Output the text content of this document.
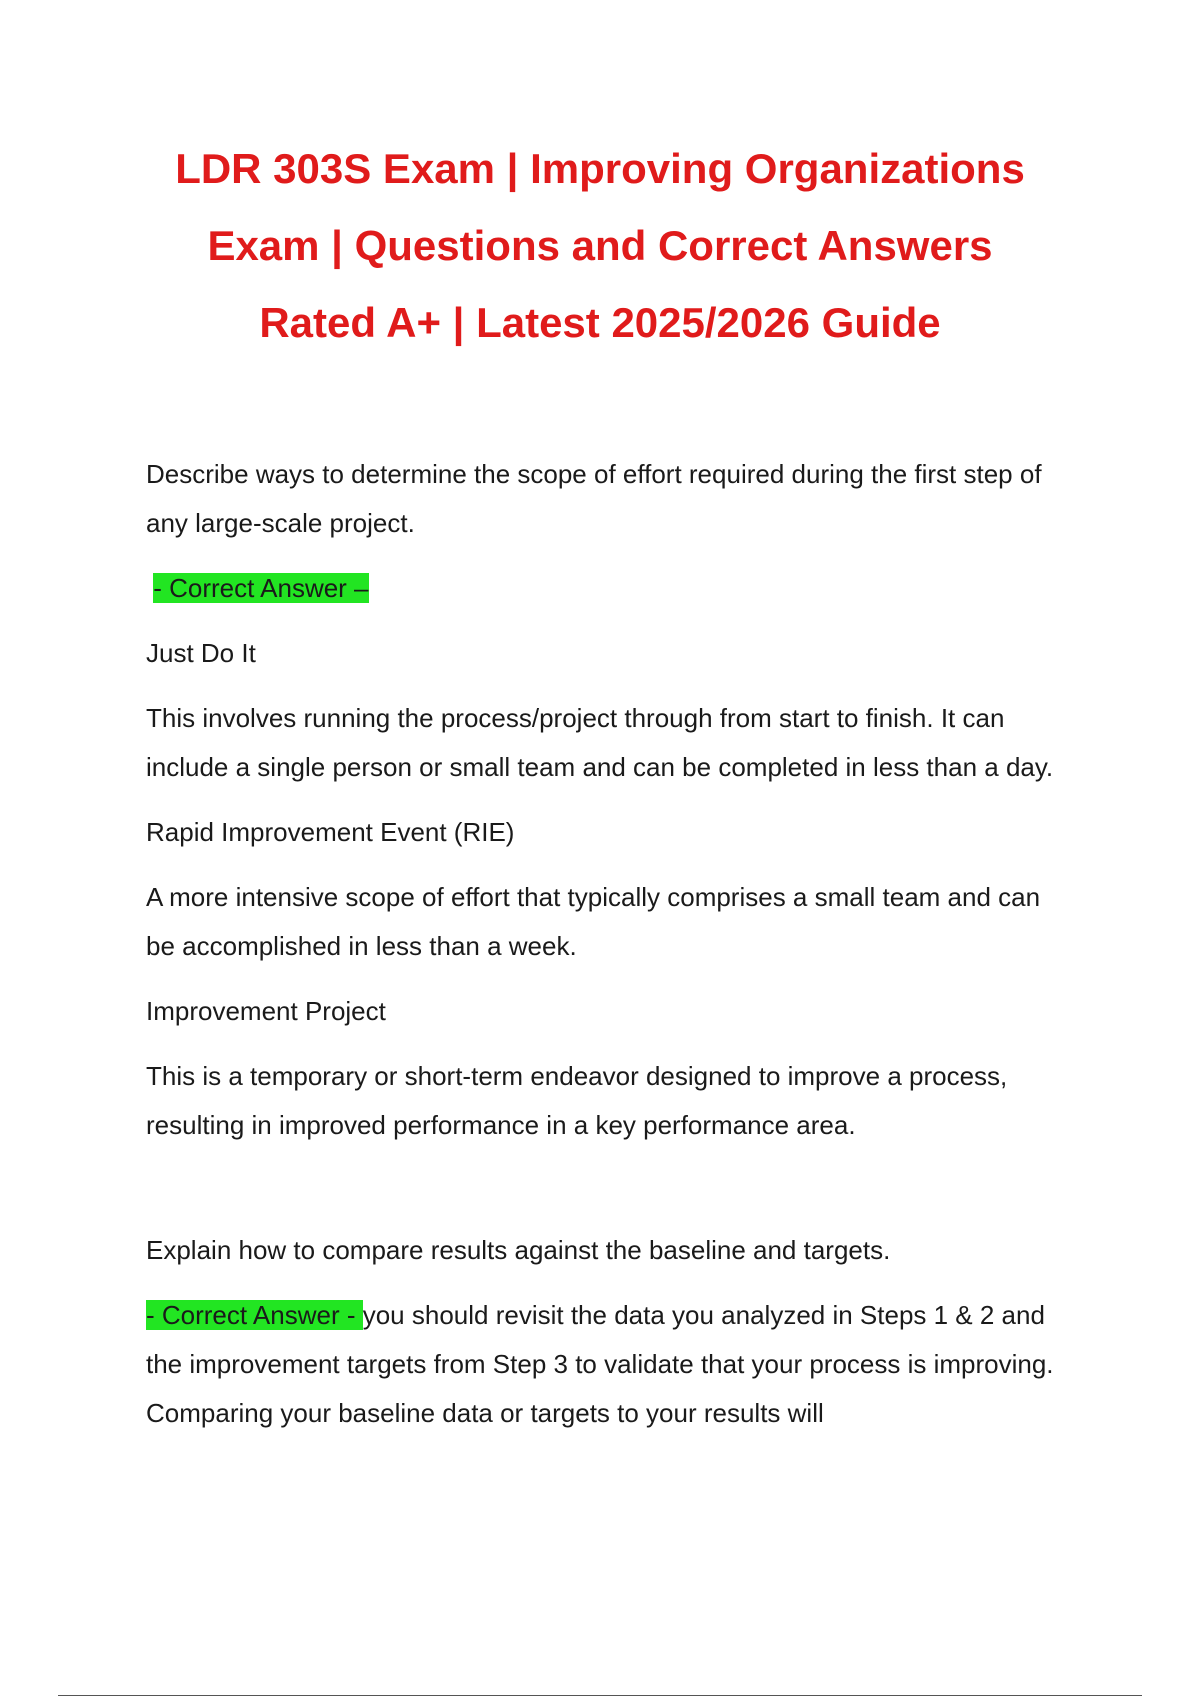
LDR 303S Exam | Improving Organizations
Exam | Questions and Correct Answers
Rated A+ | Latest 2025/2026 Guide

Describe ways to determine the scope of effort required during the first step of any large-scale project.

- Correct Answer –

Just Do It

This involves running the process/project through from start to finish. It can include a single person or small team and can be completed in less than a day.

Rapid Improvement Event (RIE)

A more intensive scope of effort that typically comprises a small team and can be accomplished in less than a week.

Improvement Project

This is a temporary or short-term endeavor designed to improve a process, resulting in improved performance in a key performance area.

Explain how to compare results against the baseline and targets.

- Correct Answer - you should revisit the data you analyzed in Steps 1 & 2 and the improvement targets from Step 3 to validate that your process is improving. Comparing your baseline data or targets to your results will
